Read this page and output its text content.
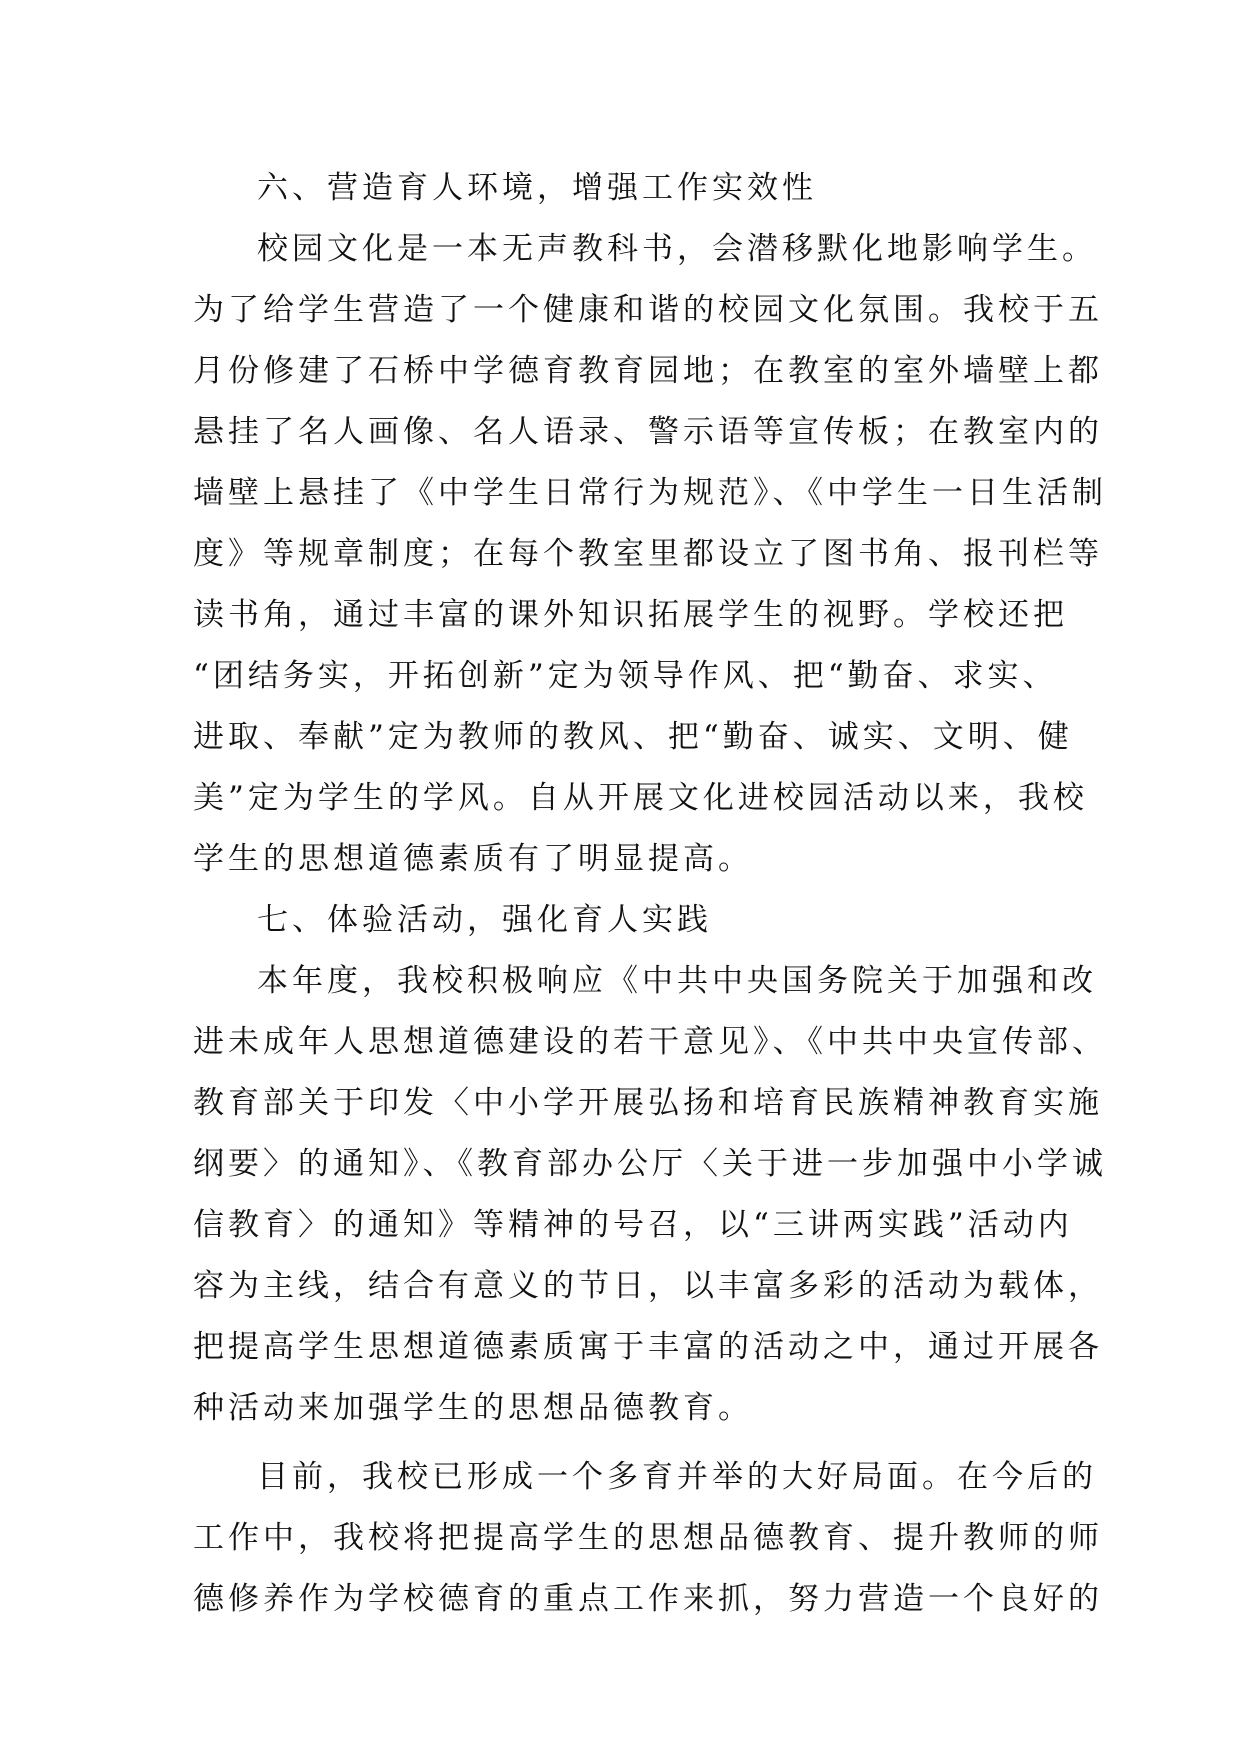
六、营造育人环境，增强工作实效性
校园文化是一本无声教科书，会潜移默化地影响学生。
为了给学生营造了一个健康和谐的校园文化氛围。我校于五
月份修建了石桥中学德育教育园地；在教室的室外墙壁上都
悬挂了名人画像、名人语录、警示语等宣传板；在教室内的
墙壁上悬挂了《中学生日常行为规范》、《中学生一日生活制
度》等规章制度；在每个教室里都设立了图书角、报刊栏等
读书角，通过丰富的课外知识拓展学生的视野。学校还把
“团结务实，开拓创新”定为领导作风、把“勤奋、求实、
进取、奉献”定为教师的教风、把“勤奋、诚实、文明、健
美”定为学生的学风。自从开展文化进校园活动以来，我校
学生的思想道德素质有了明显提高。
七、体验活动，强化育人实践
本年度，我校积极响应《中共中央国务院关于加强和改
进未成年人思想道德建设的若干意见》、《中共中央宣传部、
教育部关于印发〈中小学开展弘扬和培育民族精神教育实施
纲要〉的通知》、《教育部办公厅〈关于进一步加强中小学诚
信教育〉的通知》等精神的号召，以“三讲两实践”活动内
容为主线，结合有意义的节日，以丰富多彩的活动为载体，
把提高学生思想道德素质寓于丰富的活动之中，通过开展各
种活动来加强学生的思想品德教育。
目前，我校已形成一个多育并举的大好局面。在今后的
工作中，我校将把提高学生的思想品德教育、提升教师的师
德修养作为学校德育的重点工作来抓，努力营造一个良好的
